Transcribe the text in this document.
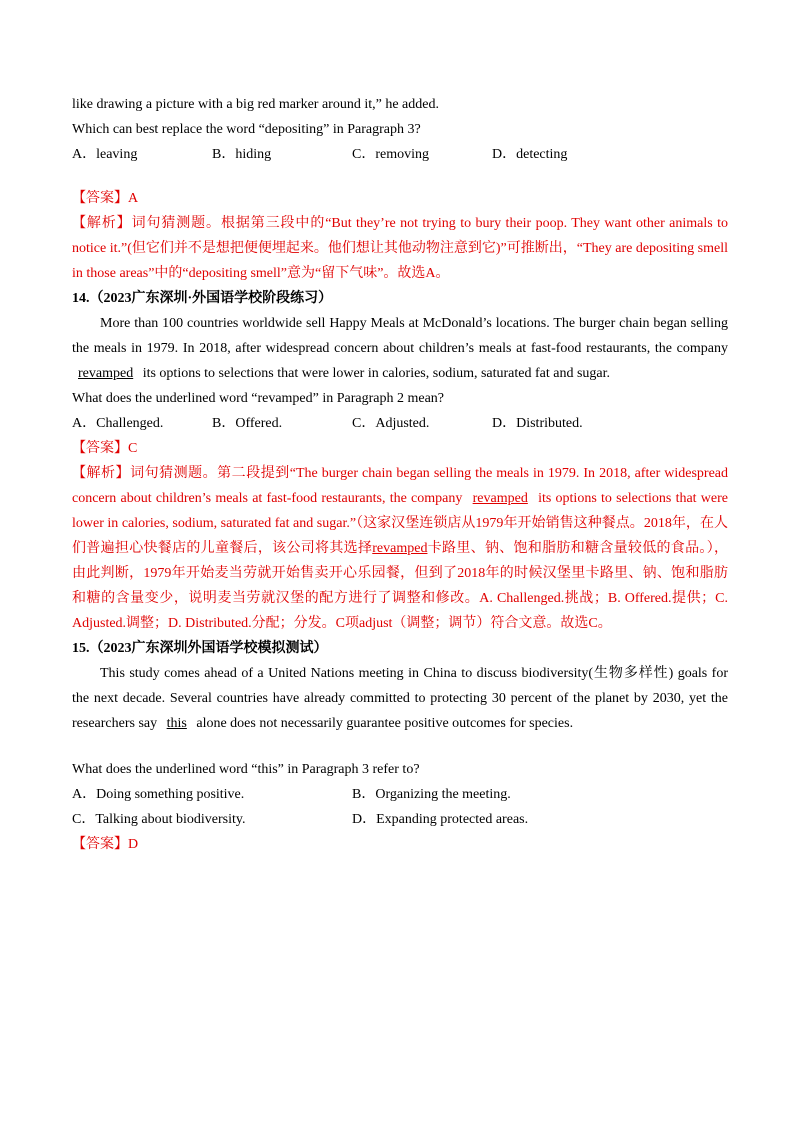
like drawing a picture with a big red marker around it,” he added.
Which can best replace the word “depositing” in Paragraph 3?
A．leaving	B．hiding	C．removing	D．detecting
【答案】A
【解析】词句猜测题。根据第三段中的“But they’re not trying to bury their poop. They want other animals to notice it.”(但它们并不是想把便便埋起来。他们想让其他动物注意到它)”可推断出，“They are depositing smell in those areas”中的“depositing smell”意为“留下气味”。故选A。
14.（2023广东深圳·外国语学校阶段练习）
More than 100 countries worldwide sell Happy Meals at McDonald’s locations. The burger chain began selling the meals in 1979. In 2018, after widespread concern about children’s meals at fast-food restaurants, the company revamped its options to selections that were lower in calories, sodium, saturated fat and sugar.
What does the underlined word “revamped” in Paragraph 2 mean?
A．Challenged.	B．Offered.	C．Adjusted.	D．Distributed.
【答案】C
【解析】词句猜测题。第二段提到“The burger chain began selling the meals in 1979. In 2018, after widespread concern about children’s meals at fast-food restaurants, the company revamped its options to selections that were lower in calories, sodium, saturated fat and sugar.”（这家汉堡连锁店从1979年开始销售这种餐点。2018年，在人们普遍担心快餐店的儿童餐后，该公司将其选择revamped卡路里、钠、饱和脂肪和糖含量较低的食品。），由此判断，1979年开始麦当劳就开始售卖开心乐园餐，但到了2018年的时候汉堡里卡路里、钠、饱和脂肪和糖的含量变少，说明麦当劳就汉堡的配方进行了调整和修改。A. Challenged.挑战；B. Offered.提供；C. Adjusted.调整；D. Distributed.分配；分发。C项adjust（调整；调节）符合文意。故选C。
15.（2023广东深圳外国语学校模拟测试）
This study comes ahead of a United Nations meeting in China to discuss biodiversity(生物多样性) goals for the next decade. Several countries have already committed to protecting 30 percent of the planet by 2030, yet the researchers say this alone does not necessarily guarantee positive outcomes for species.
What does the underlined word “this” in Paragraph 3 refer to?
A．Doing something positive.	B．Organizing the meeting.
C．Talking about biodiversity.	D．Expanding protected areas.
【答案】D
